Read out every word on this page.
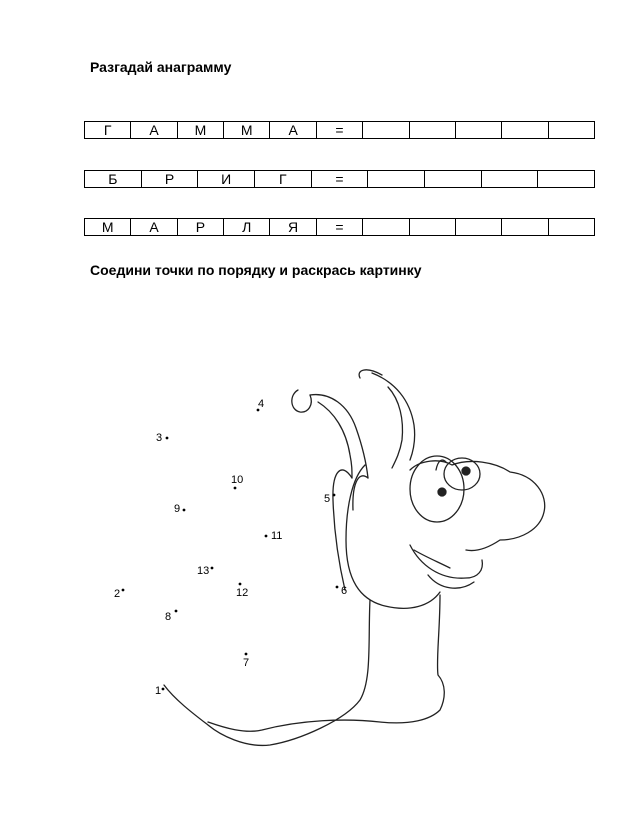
Разгадай анаграмму
Г	А	М	М	А	=					
Б	Р	И	Г	=				
М	А	Р	Л	Я	=					
Соедини точки по порядку и раскрась картинку
1
2
3
4
5
6
7
8
9
10
11
12
13
